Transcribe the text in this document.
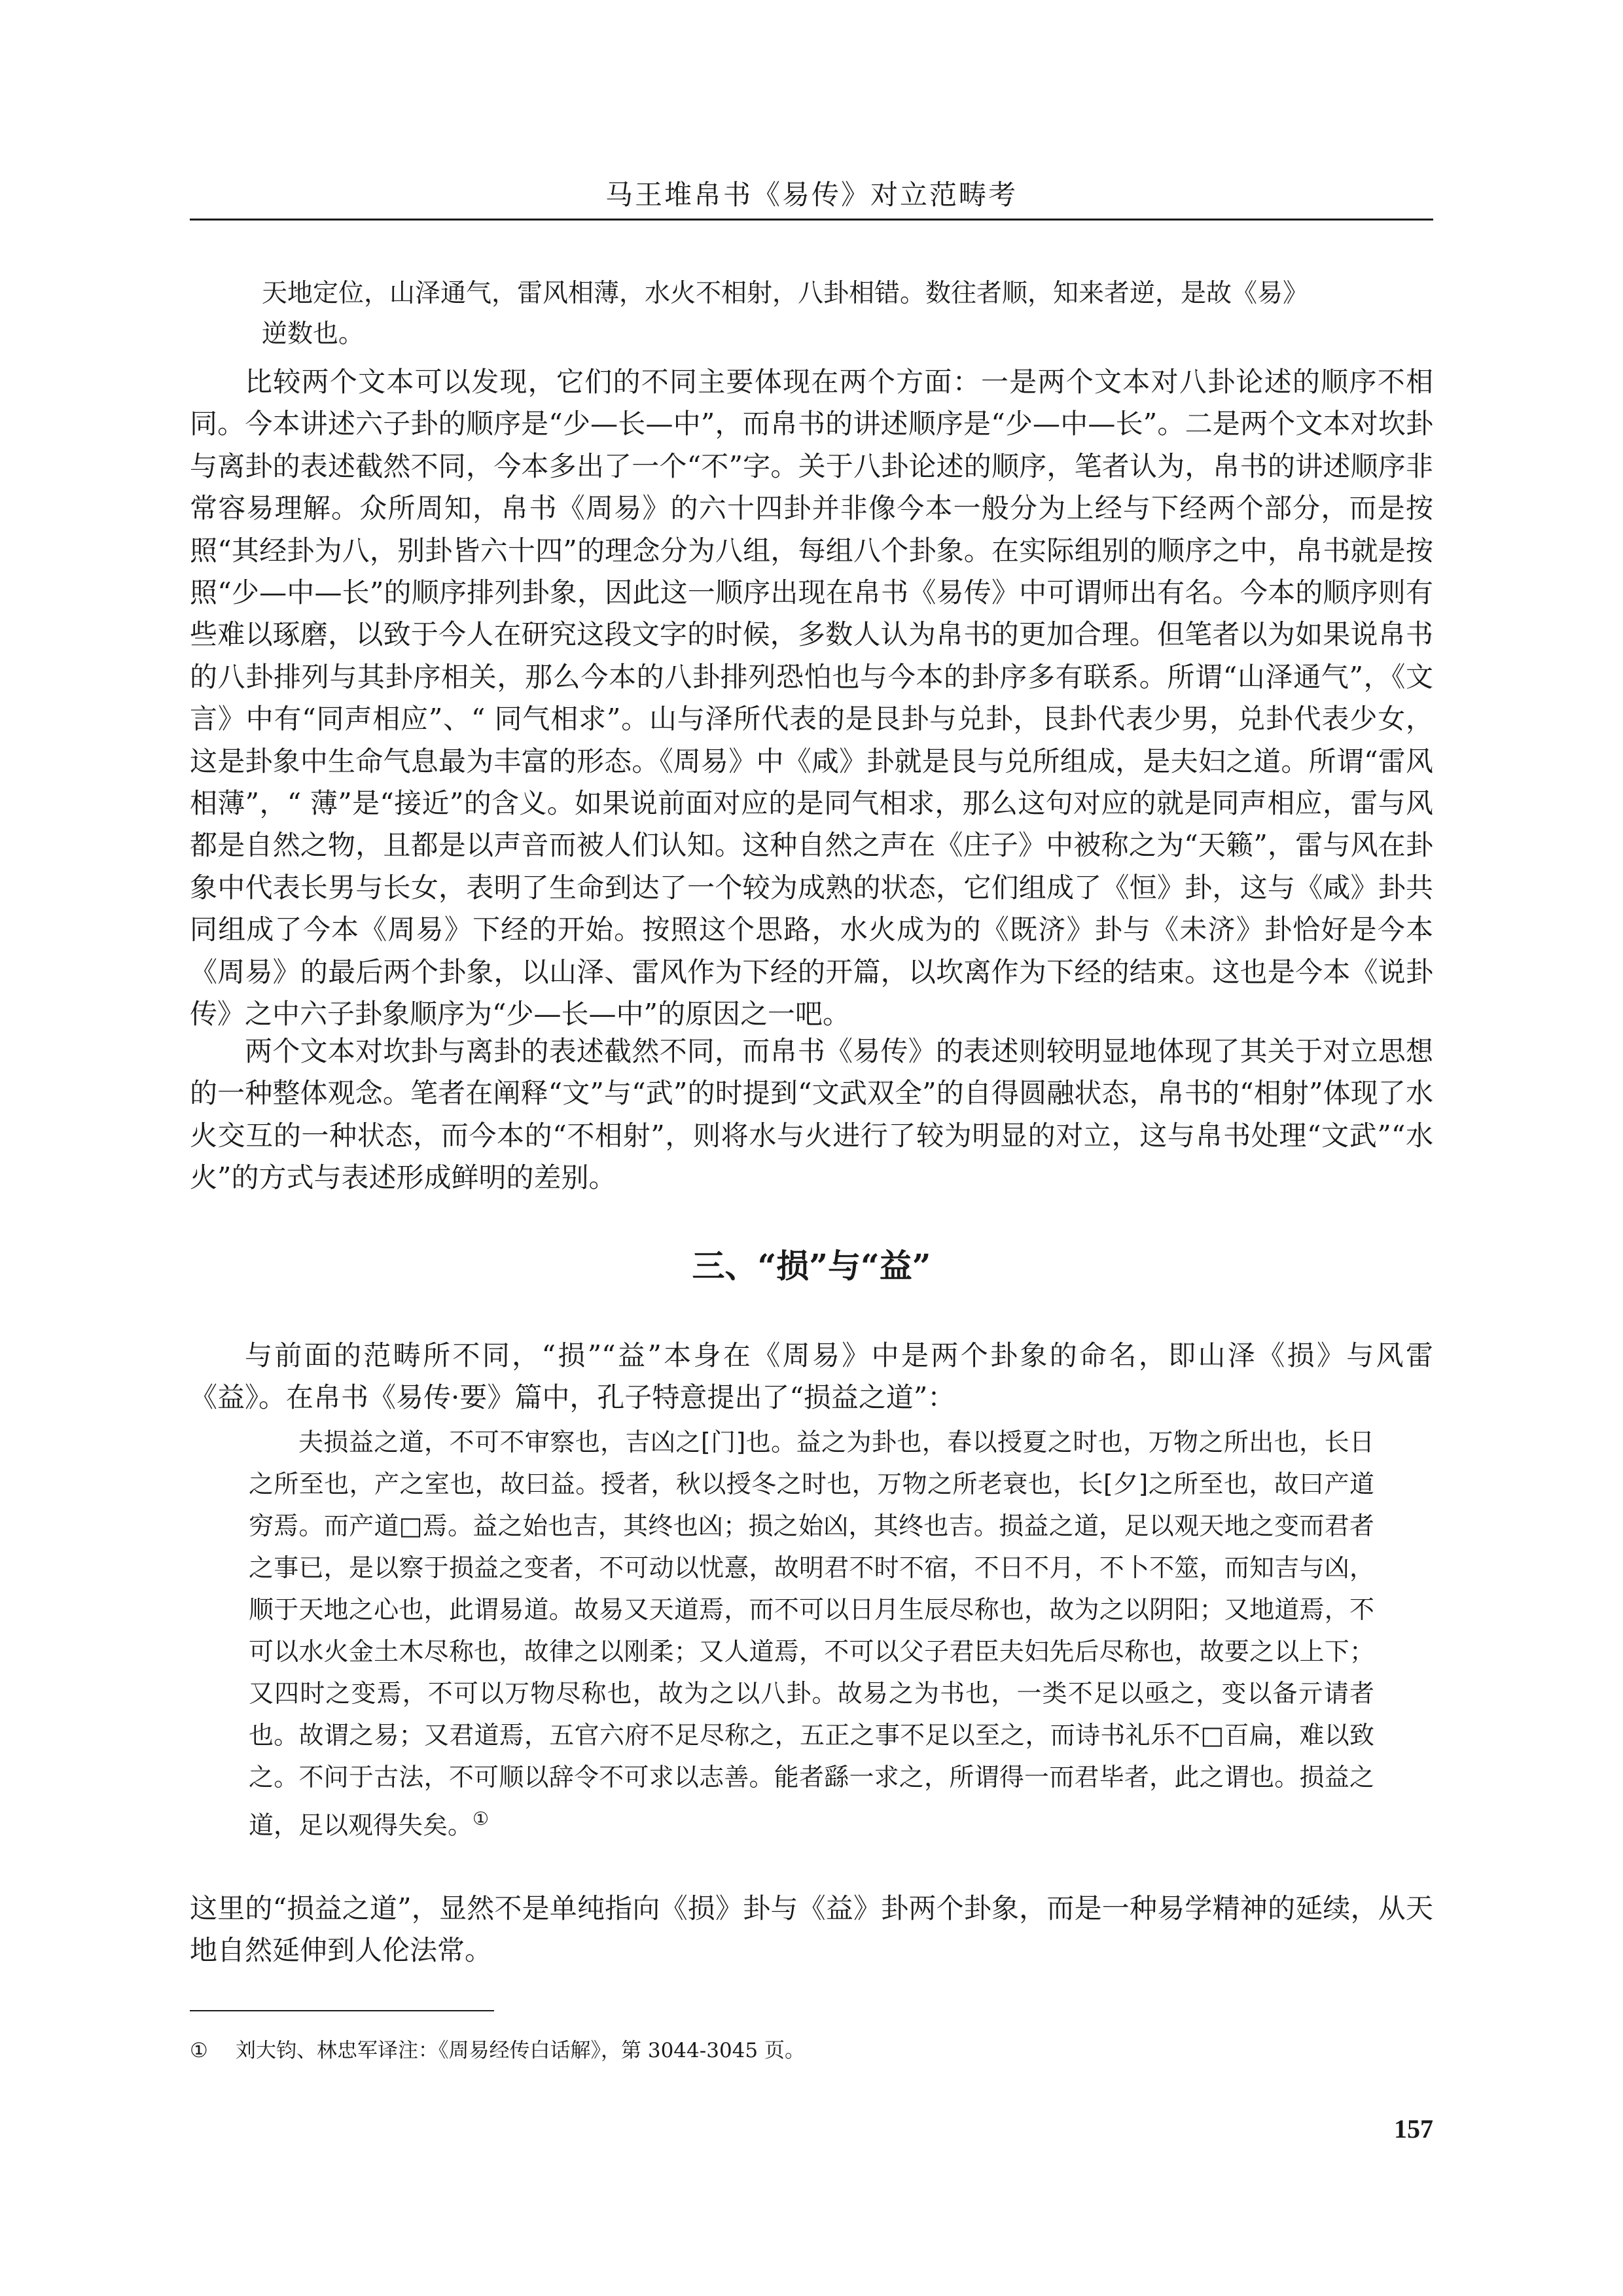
马王堆帛书《易传》对立范畴考
天地定位，山泽通气，雷风相薄，水火不相射，八卦相错。数往者顺，知来者逆，是故《易》
逆数也。

比较两个文本可以发现，它们的不同主要体现在两个方面：一是两个文本对八卦论述的顺序不相同。今本讲述六子卦的顺序是“少—长—中”，而帛书的讲述顺序是“少—中—长”。二是两个文本对坎卦与离卦的表述截然不同，今本多出了一个“不”字。关于八卦论述的顺序，笔者认为，帛书的讲述顺序非常容易理解。众所周知，帛书《周易》的六十四卦并非像今本一般分为上经与下经两个部分，而是按照“其经卦为八，别卦皆六十四”的理念分为八组，每组八个卦象。在实际组别的顺序之中，帛书就是按照“少—中—长”的顺序排列卦象，因此这一顺序出现在帛书《易传》中可谓师出有名。今本的顺序则有些难以琢磨，以致于今人在研究这段文字的时候，多数人认为帛书的更加合理。但笔者以为如果说帛书的八卦排列与其卦序相关，那么今本的八卦排列恐怕也与今本的卦序多有联系。所谓“山泽通气”，《文言》中有“同声相应”、“ 同气相求”。山与泽所代表的是艮卦与兑卦，艮卦代表少男，兑卦代表少女，这是卦象中生命气息最为丰富的形态。《周易》中《咸》卦就是艮与兑所组成，是夫妇之道。所谓“雷风相薄”，“ 薄”是“接近”的含义。如果说前面对应的是同气相求，那么这句对应的就是同声相应，雷与风都是自然之物，且都是以声音而被人们认知。这种自然之声在《庄子》中被称之为“天籁”，雷与风在卦象中代表长男与长女，表明了生命到达了一个较为成熟的状态，它们组成了《恒》卦，这与《咸》卦共同组成了今本《周易》下经的开始。按照这个思路，水火成为的《既济》卦与《未济》卦恰好是今本《周易》的最后两个卦象，以山泽、雷风作为下经的开篇，以坎离作为下经的结束。这也是今本《说卦传》之中六子卦象顺序为“少—长—中”的原因之一吧。

两个文本对坎卦与离卦的表述截然不同，而帛书《易传》的表述则较明显地体现了其关于对立思想的一种整体观念。笔者在阐释“文”与“武”的时提到“文武双全”的自得圆融状态，帛书的“相射”体现了水火交互的一种状态，而今本的“不相射”，则将水与火进行了较为明显的对立，这与帛书处理“文武”“水火”的方式与表述形成鲜明的差别。

三、“损”与“益”

与前面的范畴所不同，“损”“益”本身在《周易》中是两个卦象的命名，即山泽《损》与风雷《益》。在帛书《易传·要》篇中，孔子特意提出了“损益之道”：

夫损益之道，不可不审察也，吉凶之[门]也。益之为卦也，春以授夏之时也，万物之所出也，长日之所至也，产之室也，故曰益。授者，秋以授冬之时也，万物之所老衰也，长[夕]之所至也，故曰产道穷焉。而产道□焉。益之始也吉，其终也凶；损之始凶，其终也吉。损益之道，足以观天地之变而君者之事已，是以察于损益之变者，不可动以忧憙，故明君不时不宿，不日不月，不卜不筮，而知吉与凶，顺于天地之心也，此谓易道。故易又天道焉，而不可以日月生辰尽称也，故为之以阴阳；又地道焉，不可以水火金土木尽称也，故律之以刚柔；又人道焉，不可以父子君臣夫妇先后尽称也，故要之以上下；又四时之变焉，不可以万物尽称也，故为之以八卦。故易之为书也，一类不足以亟之，变以备亓请者也。故谓之易；又君道焉，五官六府不足尽称之，五正之事不足以至之，而诗书礼乐不□百扁，难以致之。不问于古法，不可顺以辞令不可求以志善。能者繇一求之，所谓得一而君毕者，此之谓也。损益之道，足以观得失矣。①

这里的“损益之道”，显然不是单纯指向《损》卦与《益》卦两个卦象，而是一种易学精神的延续，从天地自然延伸到人伦法常。

① 刘大钧、林忠军译注：《周易经传白话解》，第 3044-3045 页。
157
